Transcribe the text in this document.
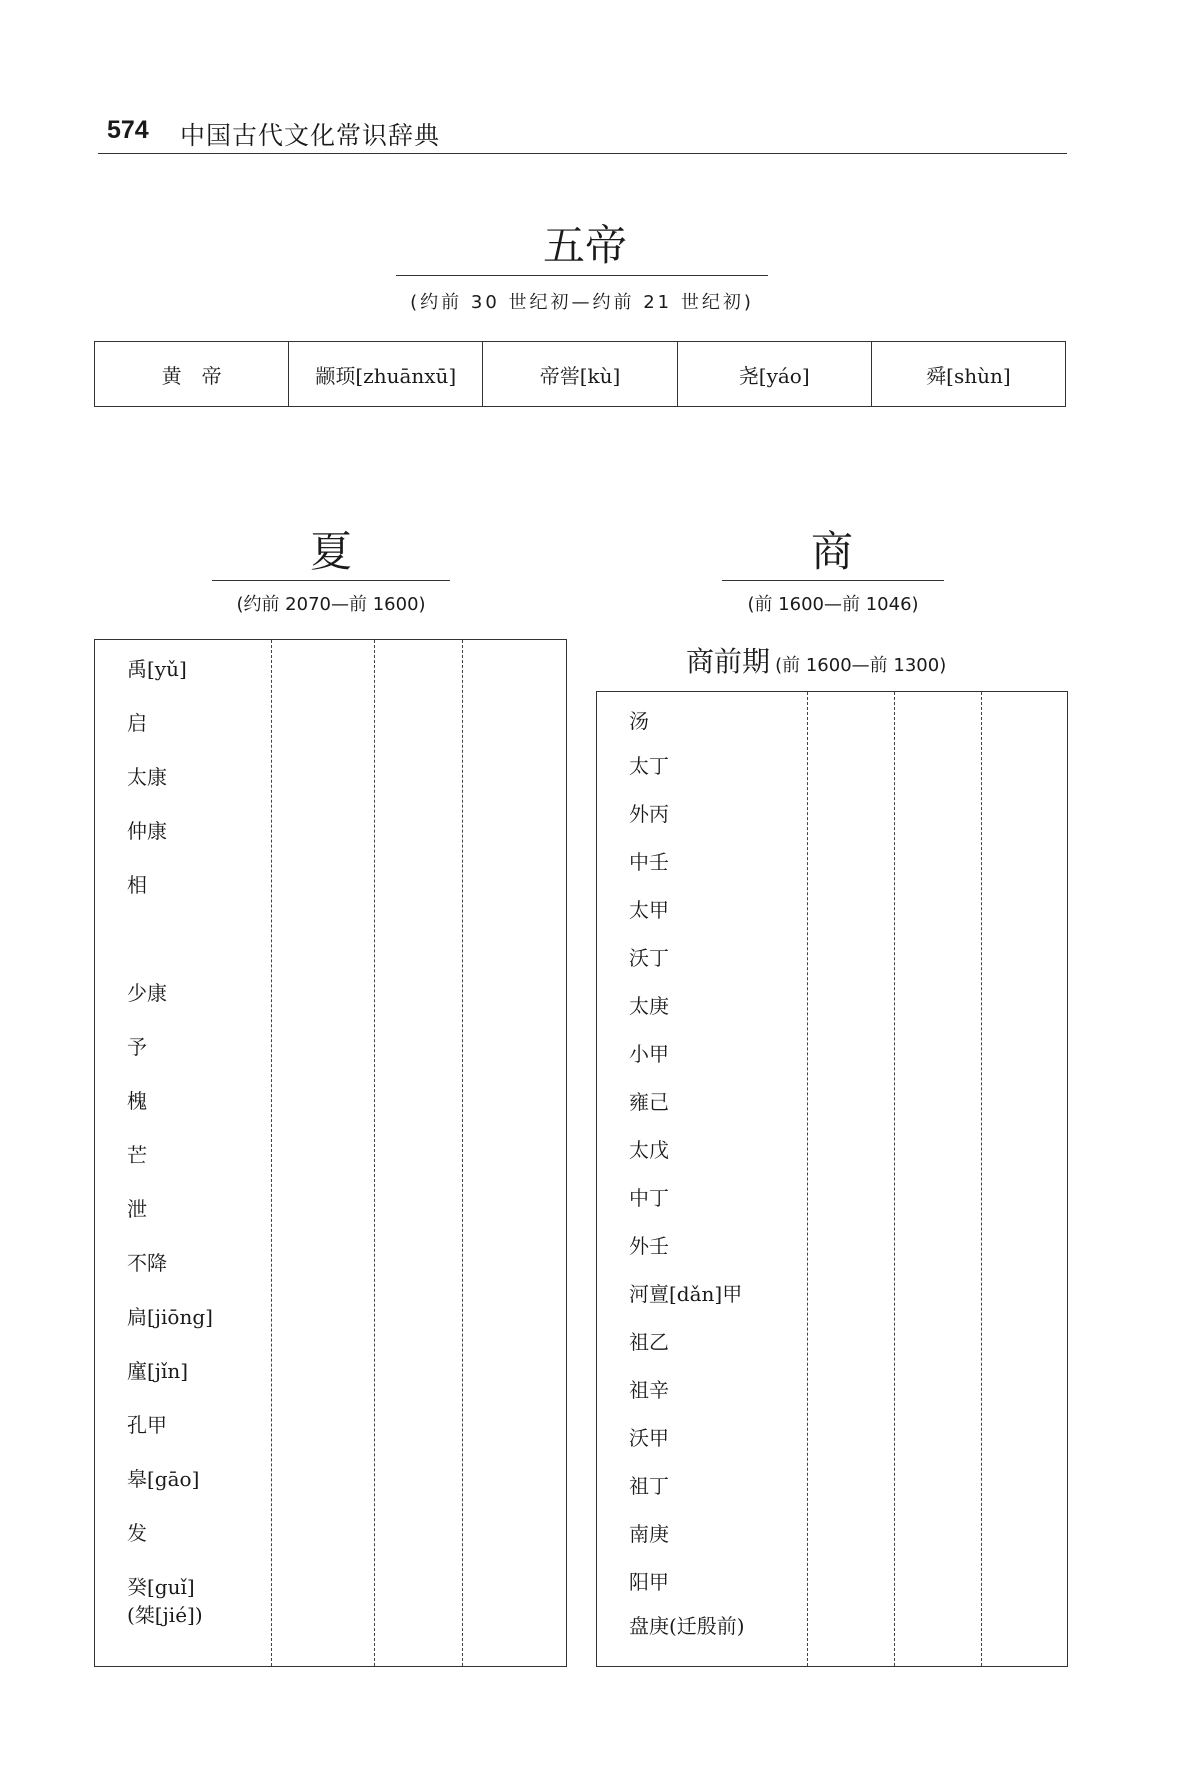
574 中国古代文化常识辞典
五帝
(约前 30 世纪初—约前 21 世纪初)
黄　帝	颛顼[zhuānxū]	帝喾[kù]	尧[yáo]	舜[shùn]
夏
(约前 2070—前 1600)
禹[yǔ]
启
太康
仲康
相
少康
予
槐
芒
泄
不降
扃[jiōng]
廑[jǐn]
孔甲
皋[gāo]
发
癸[guǐ]
(桀[jié])
商
(前 1600—前 1046)
商前期 (前 1600—前 1300)
汤
太丁
外丙
中壬
太甲
沃丁
太庚
小甲
雍己
太戊
中丁
外壬
河亶[dǎn]甲
祖乙
祖辛
沃甲
祖丁
南庚
阳甲
盘庚(迁殷前)
